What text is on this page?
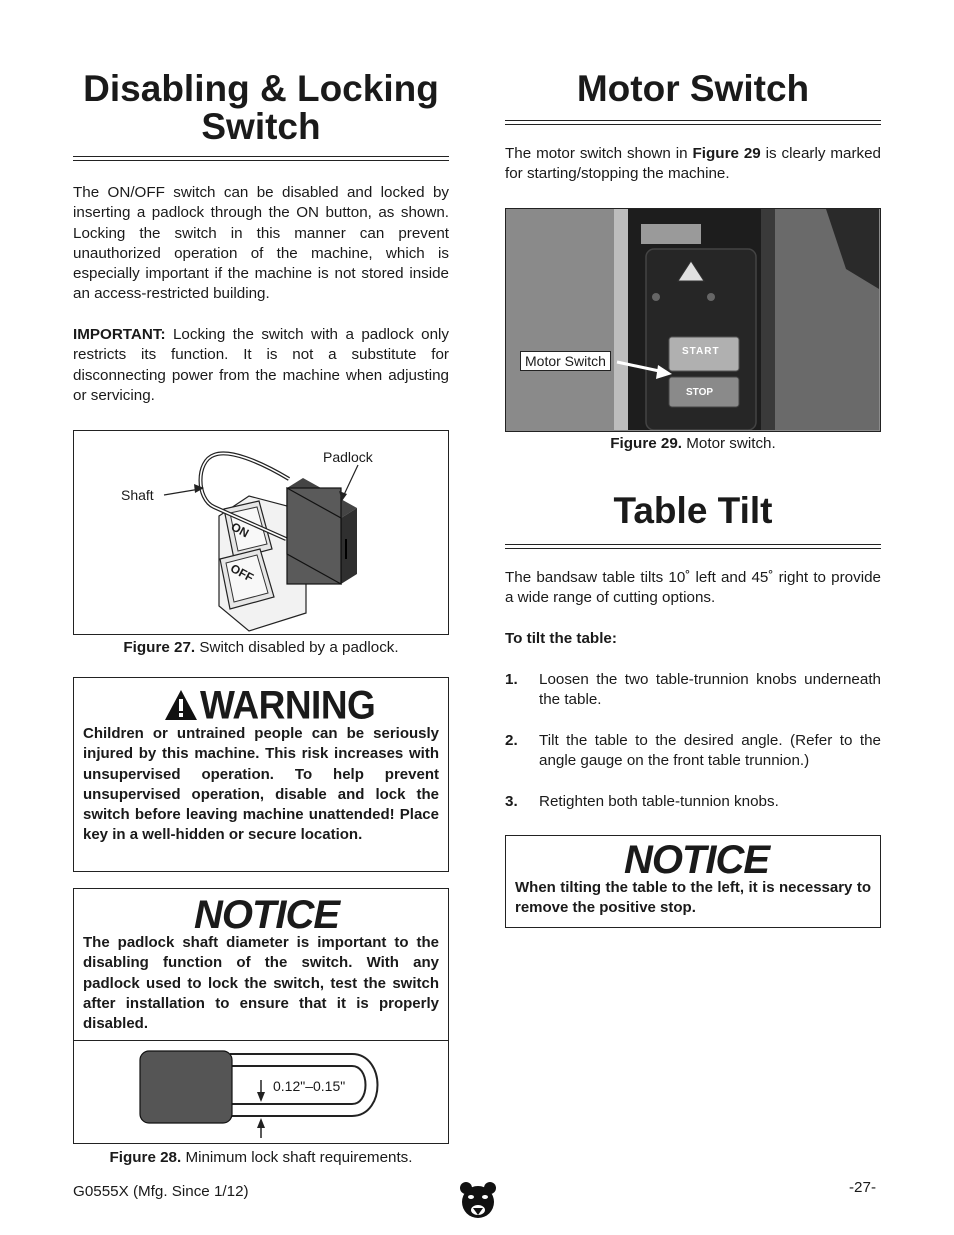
Disabling & Locking
Switch

The ON/OFF switch can be disabled and locked by inserting a padlock through the ON button, as shown. Locking the switch in this manner can prevent unauthorized operation of the machine, which is especially important if the machine is not stored inside an access-restricted building.

IMPORTANT: Locking the switch with a padlock only restricts its function. It is not a substitute for disconnecting power from the machine when adjusting or servicing.

Padlock
Shaft
ON
OFF
Figure 27. Switch disabled by a padlock.
WARNING
Children or untrained people can be seriously injured by this machine. This risk increases with unsupervised operation. To help prevent unsupervised operation, disable and lock the switch before leaving machine unattended! Place key in a well-hidden or secure location.
NOTICE
The padlock shaft diameter is important to the disabling function of the switch. With any padlock used to lock the switch, test the switch after installation to ensure that it is properly disabled.
0.12"–0.15"
Figure 28. Minimum lock shaft requirements.
Motor Switch

The motor switch shown in Figure 29 is clearly marked for starting/stopping the machine.

START
STOP
Motor Switch
Figure 29. Motor switch.
Table Tilt

The bandsaw table tilts 10˚ left and 45˚ right to provide a wide range of cutting options.

To tilt the table:

1. Loosen the two table-trunnion knobs underneath the table.
2. Tilt the table to the desired angle. (Refer to the angle gauge on the front table trunnion.)
3. Retighten both table-tunnion knobs.
NOTICE
When tilting the table to the left, it is necessary to remove the positive stop.
G0555X (Mfg. Since 1/12)	-27-
